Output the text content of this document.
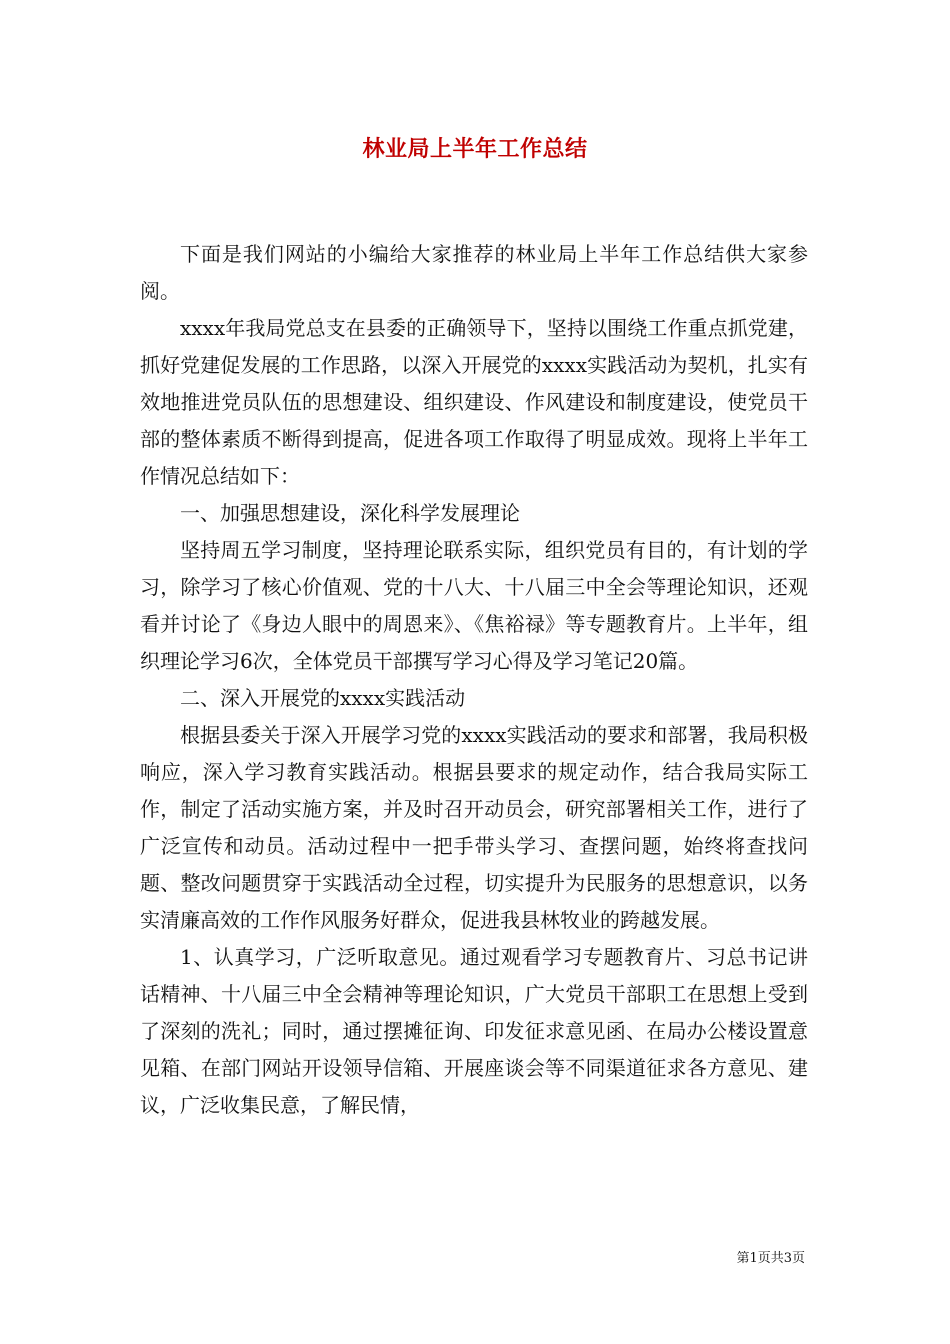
林业局上半年工作总结

下面是我们网站的小编给大家推荐的林业局上半年工作总结供大家参阅。

xxxx年我局党总支在县委的正确领导下，坚持以围绕工作重点抓党建，抓好党建促发展的工作思路，以深入开展党的xxxx实践活动为契机，扎实有效地推进党员队伍的思想建设、组织建设、作风建设和制度建设，使党员干部的整体素质不断得到提高，促进各项工作取得了明显成效。现将上半年工作情况总结如下：

一、加强思想建设，深化科学发展理论

坚持周五学习制度，坚持理论联系实际，组织党员有目的，有计划的学习，除学习了核心价值观、党的十八大、十八届三中全会等理论知识，还观看并讨论了《身边人眼中的周恩来》、《焦裕禄》等专题教育片。上半年，组织理论学习6次，全体党员干部撰写学习心得及学习笔记20篇。

二、深入开展党的xxxx实践活动

根据县委关于深入开展学习党的xxxx实践活动的要求和部署，我局积极响应，深入学习教育实践活动。根据县要求的规定动作，结合我局实际工作，制定了活动实施方案，并及时召开动员会，研究部署相关工作，进行了广泛宣传和动员。活动过程中一把手带头学习、查摆问题，始终将查找问题、整改问题贯穿于实践活动全过程，切实提升为民服务的思想意识，以务实清廉高效的工作作风服务好群众，促进我县林牧业的跨越发展。

1、认真学习，广泛听取意见。通过观看学习专题教育片、习总书记讲话精神、十八届三中全会精神等理论知识，广大党员干部职工在思想上受到了深刻的洗礼；同时，通过摆摊征询、印发征求意见函、在局办公楼设置意见箱、在部门网站开设领导信箱、开展座谈会等不同渠道征求各方意见、建议，广泛收集民意，了解民情，

第1页共3页
